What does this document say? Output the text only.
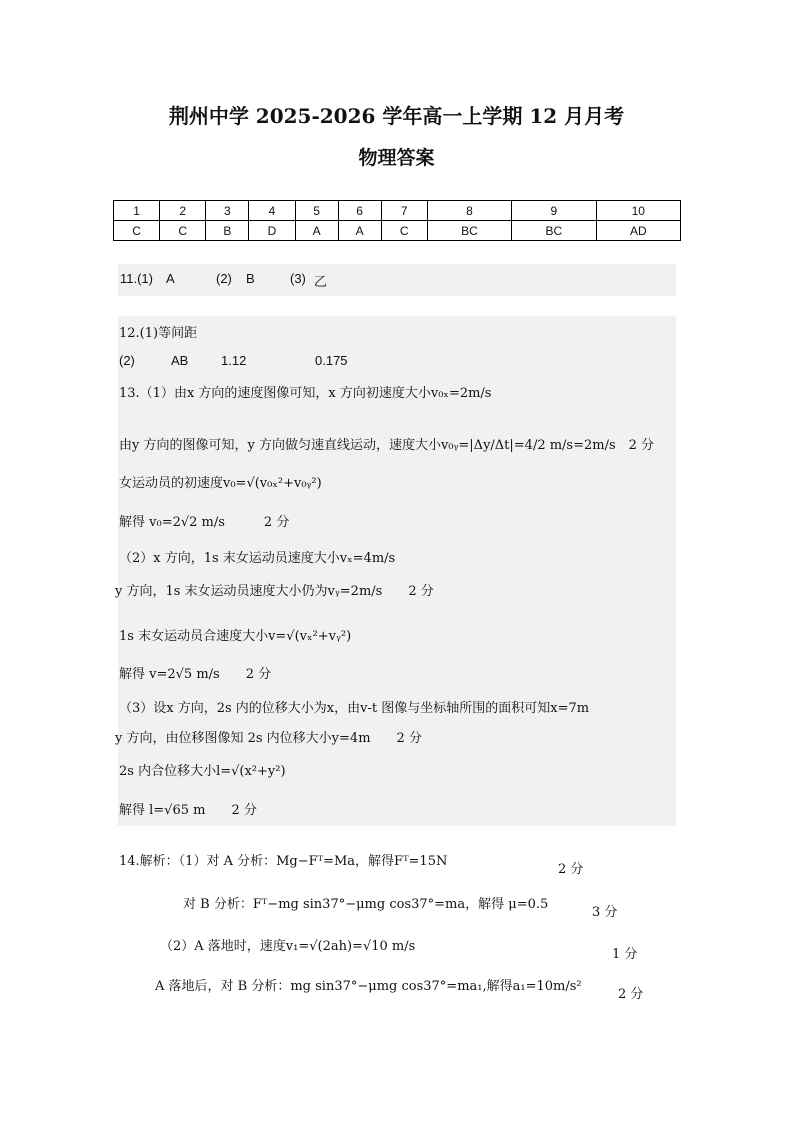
荆州中学 2025-2026 学年高一上学期 12 月月考
物理答案
1	2	3	4	5	6	7	8	9	10
C	C	B	D	A	A	C	BC	BC	AD
11.(1) A	(2) B	(3) 乙
12.(1)等间距
(2)	AB	1.12	0.175
13.（1）由x 方向的速度图像可知，x 方向初速度大小v₀ₓ=2m/s
由y 方向的图像可知，y 方向做匀速直线运动，速度大小v₀ᵧ=|Δy/Δt|=4/2 m/s=2m/s　2 分
女运动员的初速度v₀=√(v₀ₓ²+v₀ᵧ²)
解得 v₀=2√2 m/s　　　2 分
（2）x 方向，1s 末女运动员速度大小vₓ=4m/s
y 方向，1s 末女运动员速度大小仍为vᵧ=2m/s　　2 分
1s 末女运动员合速度大小v=√(vₓ²+vᵧ²)
解得 v=2√5 m/s　　2 分
（3）设x 方向，2s 内的位移大小为x，由v-t 图像与坐标轴所围的面积可知x=7m
y 方向，由位移图像知 2s 内位移大小y=4m　　2 分
2s 内合位移大小l=√(x²+y²)
解得 l=√65 m　　2 分
14.解析：（1）对 A 分析：Mg−Fᵀ=Ma，解得Fᵀ=15N
2 分
对 B 分析：Fᵀ−mg sin37°−μmg cos37°=ma，解得 μ=0.5
3 分
（2）A 落地时，速度v₁=√(2ah)=√10 m/s
1 分
A 落地后，对 B 分析：mg sin37°−μmg cos37°=ma₁,解得a₁=10m/s²
2 分
